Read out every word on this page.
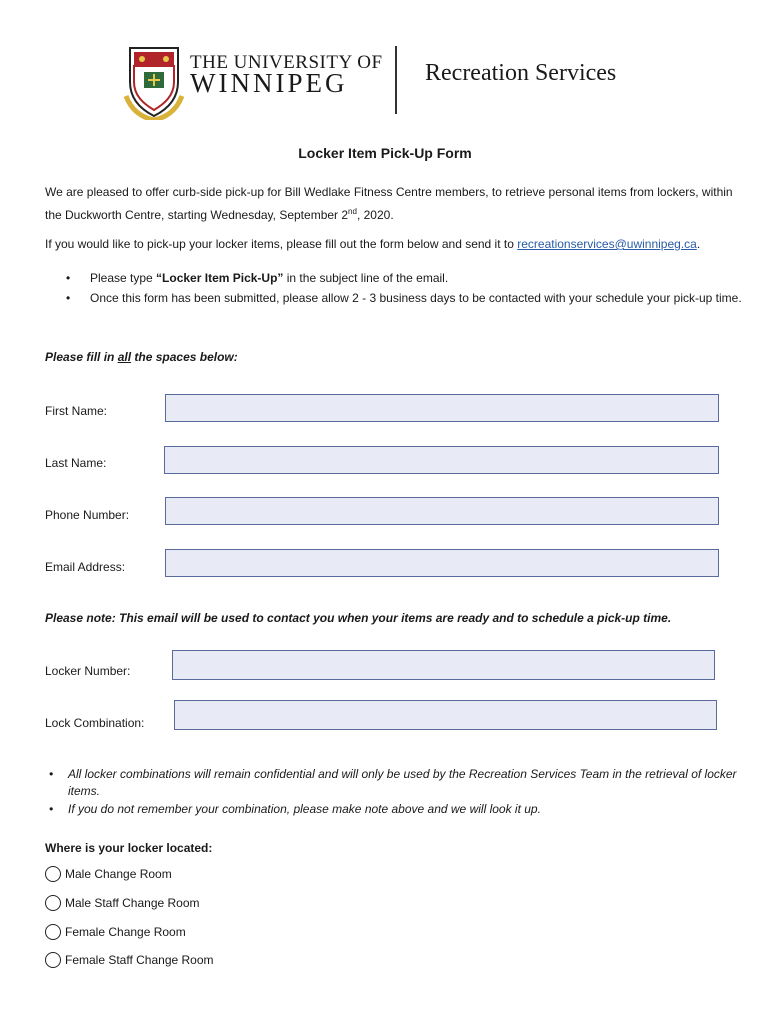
THE UNIVERSITY OF
WINNIPEG	Recreation Services
Locker Item Pick-Up Form
We are pleased to offer curb-side pick-up for Bill Wedlake Fitness Centre members, to retrieve personal items from lockers, within the Duckworth Centre, starting Wednesday, September 2nd, 2020.
If you would like to pick-up your locker items, please fill out the form below and send it to recreationservices@uwinnipeg.ca.
• Please type “Locker Item Pick-Up” in the subject line of the email.
• Once this form has been submitted, please allow 2 - 3 business days to be contacted with your schedule your pick-up time.
Please fill in all the spaces below:
First Name:
Last Name:
Phone Number:
Email Address:
Please note: This email will be used to contact you when your items are ready and to schedule a pick-up time.
Locker Number:
Lock Combination:
• All locker combinations will remain confidential and will only be used by the Recreation Services Team in the retrieval of locker items.
• If you do not remember your combination, please make note above and we will look it up.
Where is your locker located:
Male Change Room
Male Staff Change Room
Female Change Room
Female Staff Change Room
